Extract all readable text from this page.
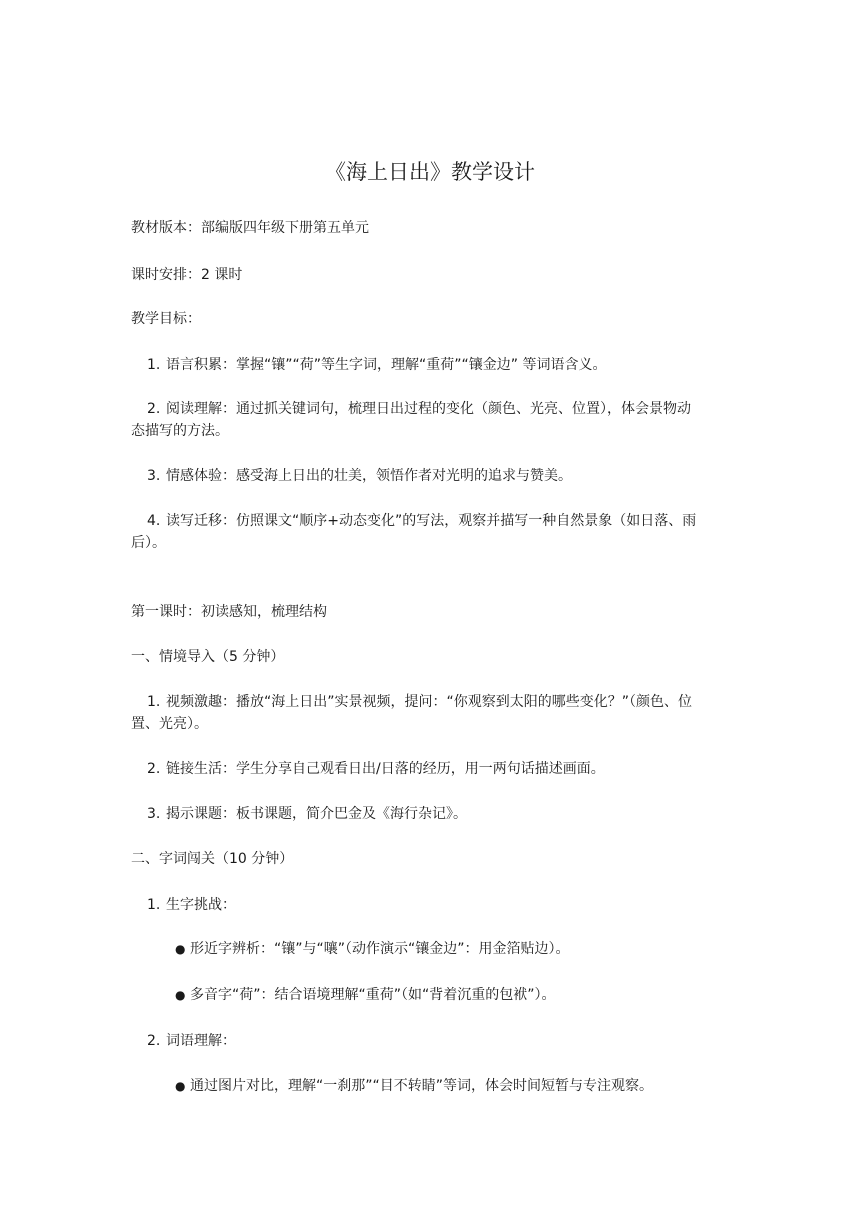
《海上日出》教学设计

教材版本：部编版四年级下册第五单元

课时安排：2 课时

教学目标：

1. 语言积累：掌握“镶”“荷”等生字词，理解“重荷”“镶金边” 等词语含义。

2. 阅读理解：通过抓关键词句，梳理日出过程的变化（颜色、光亮、位置），体会景物动

态描写的方法。

3. 情感体验：感受海上日出的壮美，领悟作者对光明的追求与赞美。

4. 读写迁移：仿照课文“顺序+动态变化”的写法，观察并描写一种自然景象（如日落、雨

后）。

第一课时：初读感知，梳理结构

一、情境导入（5 分钟）

1. 视频激趣：播放“海上日出”实景视频，提问：“你观察到太阳的哪些变化？”（颜色、位

置、光亮）。

2. 链接生活：学生分享自己观看日出/日落的经历，用一两句话描述画面。

3. 揭示课题：板书课题，简介巴金及《海行杂记》。

二、字词闯关（10 分钟）

1. 生字挑战：

● 形近字辨析：“镶”与“嚷”（动作演示“镶金边”：用金箔贴边）。

● 多音字“荷”：结合语境理解“重荷”（如“背着沉重的包袱”）。

2. 词语理解：

● 通过图片对比，理解“一刹那”“目不转睛”等词，体会时间短暂与专注观察。
